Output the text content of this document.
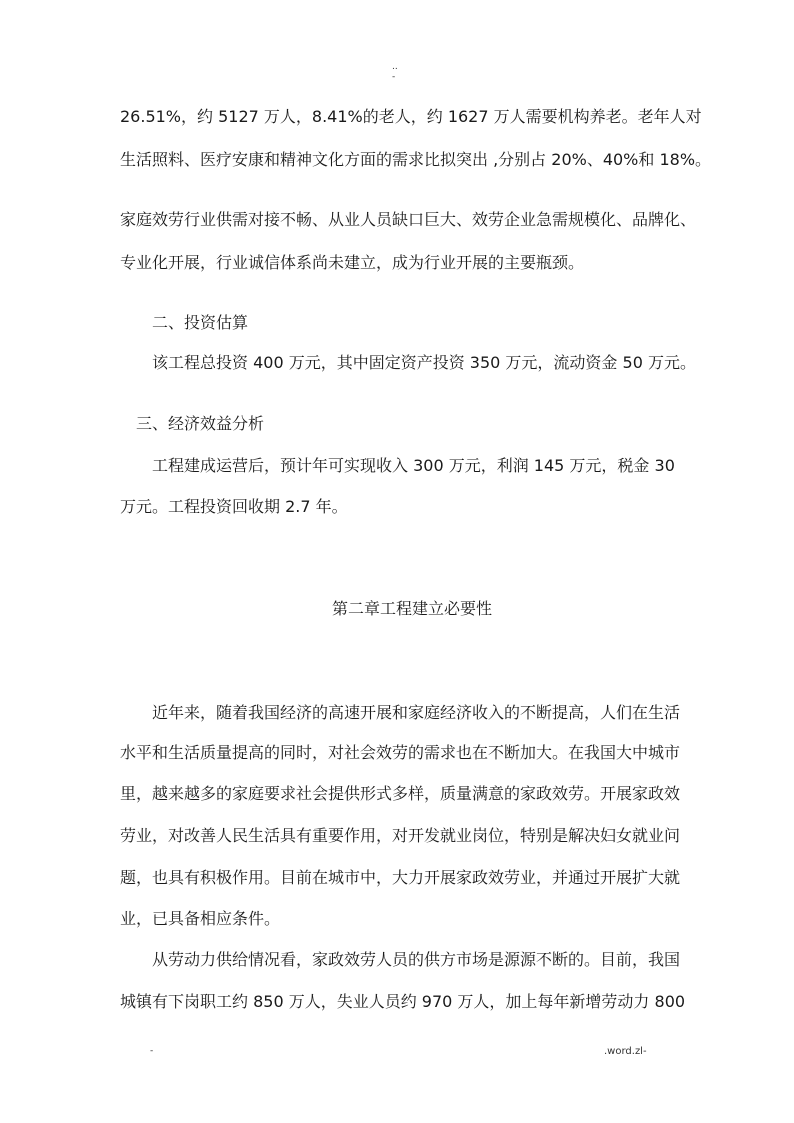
..
-
26.51%，约 5127 万人，8.41%的老人，约 1627 万人需要机构养老。老年人对
生活照料、医疗安康和精神文化方面的需求比拟突出 ,分别占 20%、40%和 18%。
家庭效劳行业供需对接不畅、从业人员缺口巨大、效劳企业急需规模化、品牌化、
专业化开展，行业诚信体系尚未建立，成为行业开展的主要瓶颈。
二、投资估算
该工程总投资 400 万元，其中固定资产投资 350 万元，流动资金 50 万元。
三、经济效益分析
工程建成运营后，预计年可实现收入 300 万元，利润 145 万元，税金 30
万元。工程投资回收期 2.7 年。
第二章工程建立必要性
近年来，随着我国经济的高速开展和家庭经济收入的不断提高，人们在生活
水平和生活质量提高的同时，对社会效劳的需求也在不断加大。在我国大中城市
里，越来越多的家庭要求社会提供形式多样，质量满意的家政效劳。开展家政效
劳业，对改善人民生活具有重要作用，对开发就业岗位，特别是解决妇女就业问
题，也具有积极作用。目前在城市中，大力开展家政效劳业，并通过开展扩大就
业，已具备相应条件。
从劳动力供给情况看，家政效劳人员的供方市场是源源不断的。目前，我国
城镇有下岗职工约 850 万人，失业人员约 970 万人，加上每年新增劳动力 800
-	.word.zl-
